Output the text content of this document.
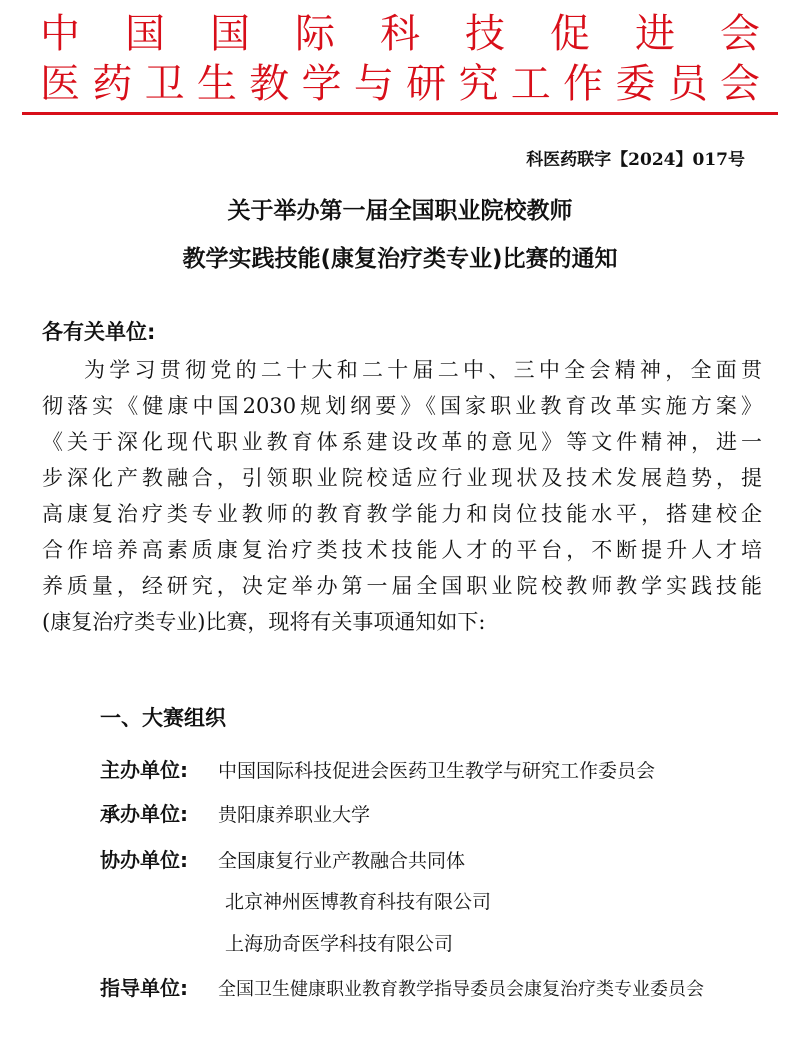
中 国 国 际 科 技 促 进 会
医药卫生教学与研究工作委员会
科医药联字【2024】017号
关于举办第一届全国职业院校教师
教学实践技能(康复治疗类专业)比赛的通知
各有关单位:
为学习贯彻党的二十大和二十届二中、三中全会精神，全面贯
彻落实《健康中国2030规划纲要》《国家职业教育改革实施方案》
《关于深化现代职业教育体系建设改革的意见》等文件精神，进一
步深化产教融合，引领职业院校适应行业现状及技术发展趋势，提
高康复治疗类专业教师的教育教学能力和岗位技能水平，搭建校企
合作培养高素质康复治疗类技术技能人才的平台，不断提升人才培
养质量，经研究，决定举办第一届全国职业院校教师教学实践技能
(康复治疗类专业)比赛，现将有关事项通知如下:
一、大赛组织
主办单位: 中国国际科技促进会医药卫生教学与研究工作委员会
承办单位: 贵阳康养职业大学
协办单位: 全国康复行业产教融合共同体
北京神州医博教育科技有限公司
上海劢奇医学科技有限公司
指导单位: 全国卫生健康职业教育教学指导委员会康复治疗类专业委员会
